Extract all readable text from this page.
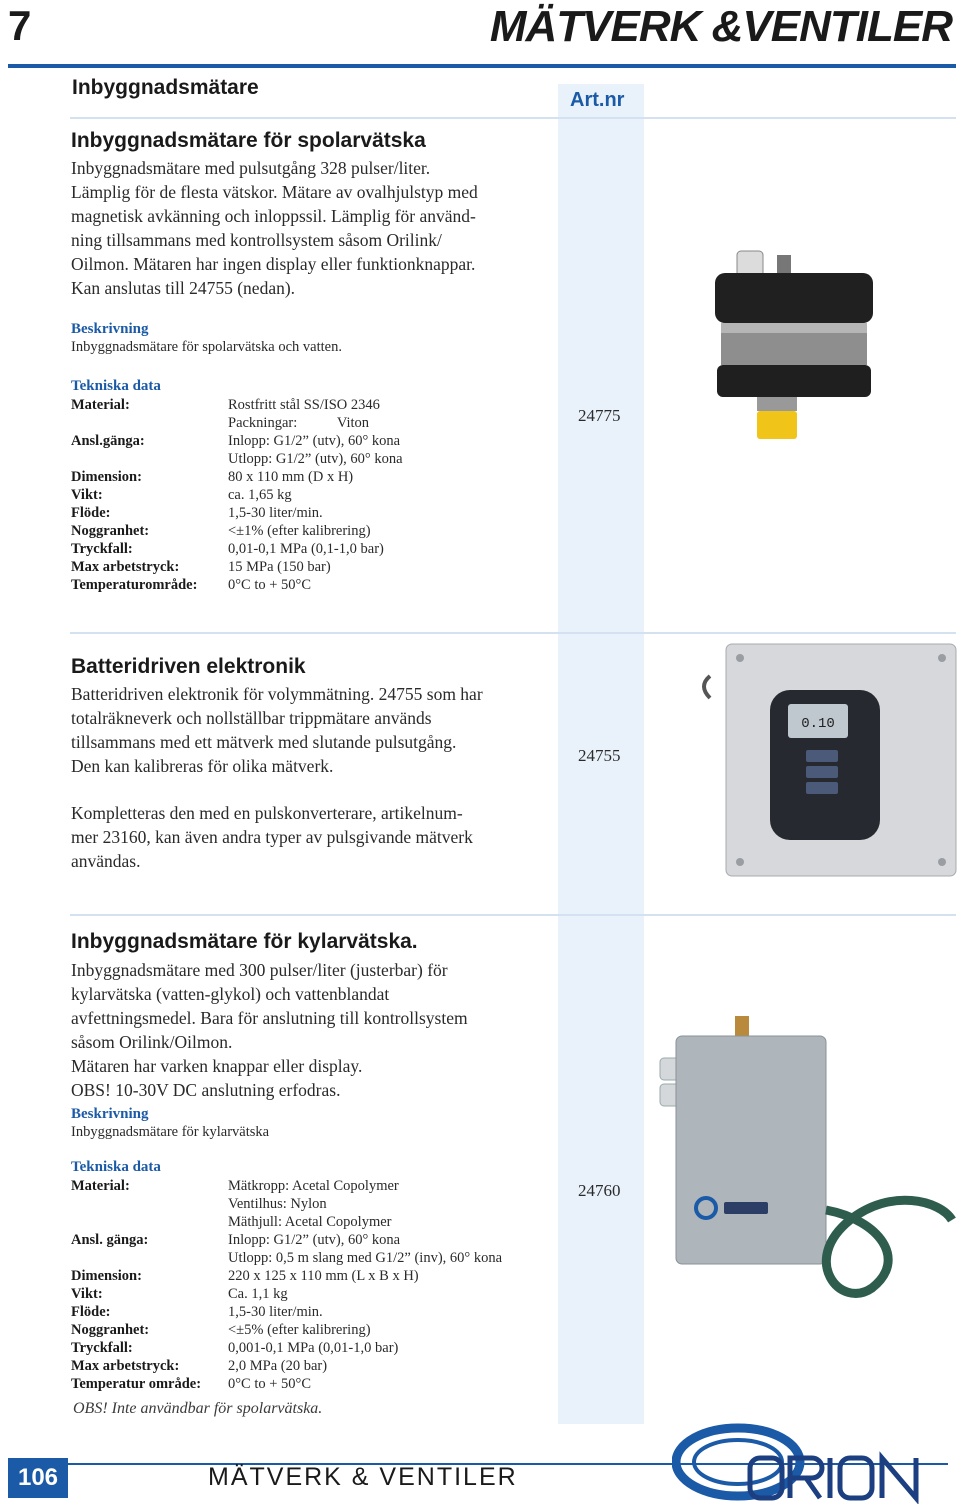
7	MÄTVERK &VENTILER
Inbyggnadsmätare
Art.nr
Inbyggnadsmätare för spolarvätska

Inbyggnadsmätare med pulsutgång 328 pulser/liter.

Lämplig för de flesta vätskor. Mätare av ovalhjulstyp med

magnetisk avkänning och inloppssil. Lämplig för använd-

ning tillsammans med kontrollsystem såsom Orilink/

Oilmon. Mätaren har ingen display eller funktionknappar.

Kan anslutas till 24755 (nedan).

Beskrivning
Inbyggnadsmätare för spolarvätska och vatten.
Tekniska data
Material:	Rostfritt stål SS/ISO 2346
Packningar:           Viton
Ansl.gänga:	Inlopp: G1/2” (utv), 60° kona
Utlopp: G1/2” (utv), 60° kona
Dimension:	80 x 110 mm (D x H)
Vikt:	ca. 1,65 kg
Flöde:	1,5-30 liter/min.
Noggranhet:	<±1% (efter kalibrering)
Tryckfall:	0,01-0,1 MPa (0,1-1,0 bar)
Max arbetstryck:	15 MPa (150 bar)
Temperaturområde: 0°C to + 50°C
24775
Batteridriven elektronik

Batteridriven elektronik för volymmätning. 24755 som har

totalräkneverk och nollställbar trippmätare används

tillsammans med ett mätverk med slutande pulsutgång.

Den kan kalibreras för olika mätverk.

Kompletteras den med en pulskonverterare, artikelnum-

mer 23160, kan även andra typer av pulsgivande mätverk

användas.

24755
0.10
Inbyggnadsmätare för kylarvätska.

Inbyggnadsmätare med 300 pulser/liter (justerbar) för

kylarvätska (vatten-glykol) och vattenblandat

avfettningsmedel. Bara för anslutning till kontrollsystem

såsom Orilink/Oilmon.

Mätaren har varken knappar eller display.

OBS! 10-30V DC anslutning erfodras.

Beskrivning
Inbyggnadsmätare för kylarvätska
Tekniska data
Material:	Mätkropp: Acetal Copolymer
Ventilhus: Nylon
Mäthjull: Acetal Copolymer
Ansl. gänga:	Inlopp: G1/2” (utv), 60° kona
Utlopp: 0,5 m slang med G1/2” (inv), 60° kona
Dimension:	220 x 125 x 110 mm (L x B x H)
Vikt:	Ca. 1,1 kg
Flöde:	1,5-30 liter/min.
Noggranhet:	<±5% (efter kalibrering)
Tryckfall:	0,001-0,1 MPa (0,01-1,0 bar)
Max arbetstryck:	2,0 MPa (20 bar)
Temperatur område: 0°C to + 50°C
OBS! Inte användbar för spolarvätska.
24760
106	MÄTVERK & VENTILER
